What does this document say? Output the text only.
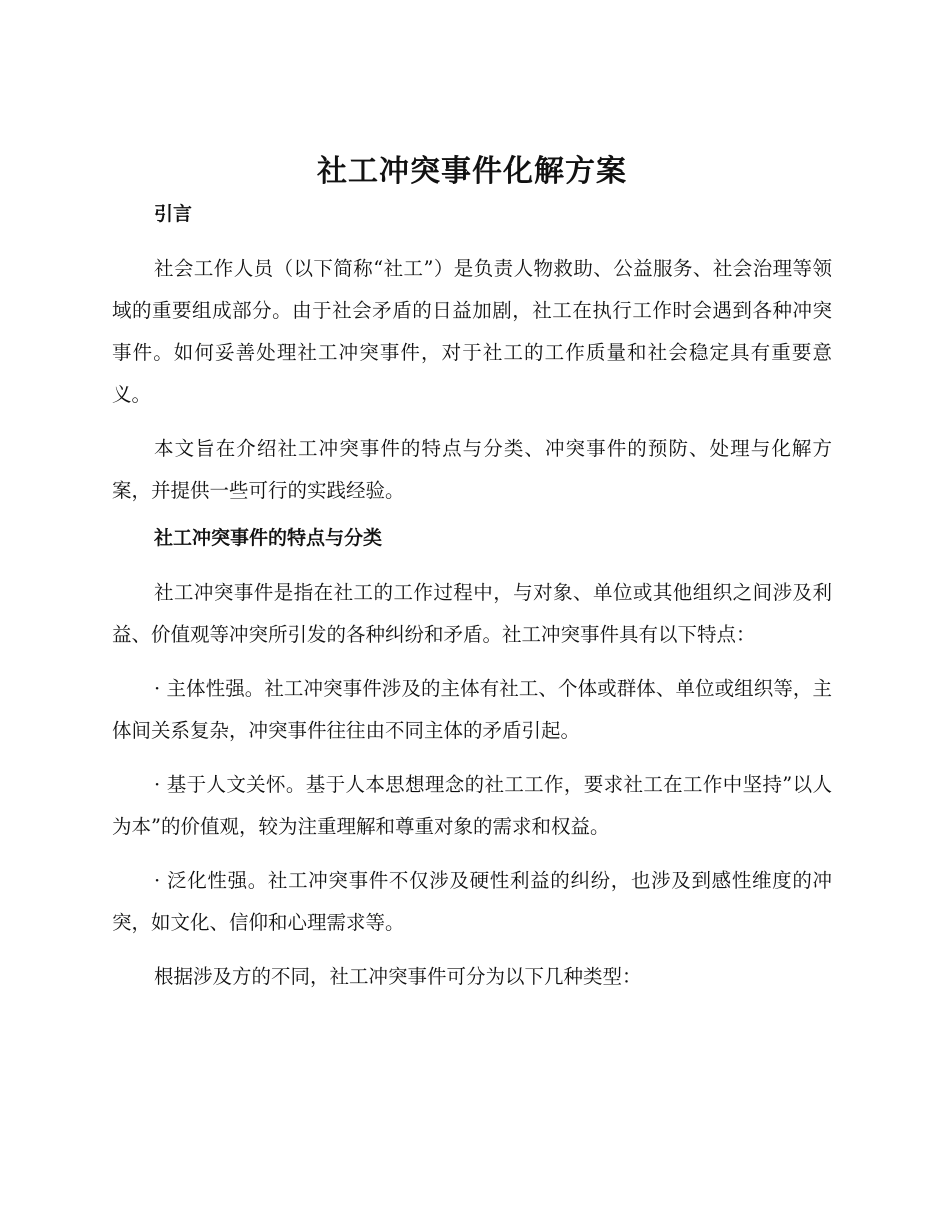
社工冲突事件化解方案
引言

社会工作人员（以下简称“社工”）是负责人物救助、公益服务、社会治理等领域的重要组成部分。由于社会矛盾的日益加剧，社工在执行工作时会遇到各种冲突事件。如何妥善处理社工冲突事件，对于社工的工作质量和社会稳定具有重要意义。

本文旨在介绍社工冲突事件的特点与分类、冲突事件的预防、处理与化解方案，并提供一些可行的实践经验。

社工冲突事件的特点与分类

社工冲突事件是指在社工的工作过程中，与对象、单位或其他组织之间涉及利益、价值观等冲突所引发的各种纠纷和矛盾。社工冲突事件具有以下特点：

· 主体性强。社工冲突事件涉及的主体有社工、个体或群体、单位或组织等，主体间关系复杂，冲突事件往往由不同主体的矛盾引起。

· 基于人文关怀。基于人本思想理念的社工工作，要求社工在工作中坚持”以人为本”的价值观，较为注重理解和尊重对象的需求和权益。

· 泛化性强。社工冲突事件不仅涉及硬性利益的纠纷，也涉及到感性维度的冲突，如文化、信仰和心理需求等。

根据涉及方的不同，社工冲突事件可分为以下几种类型：
